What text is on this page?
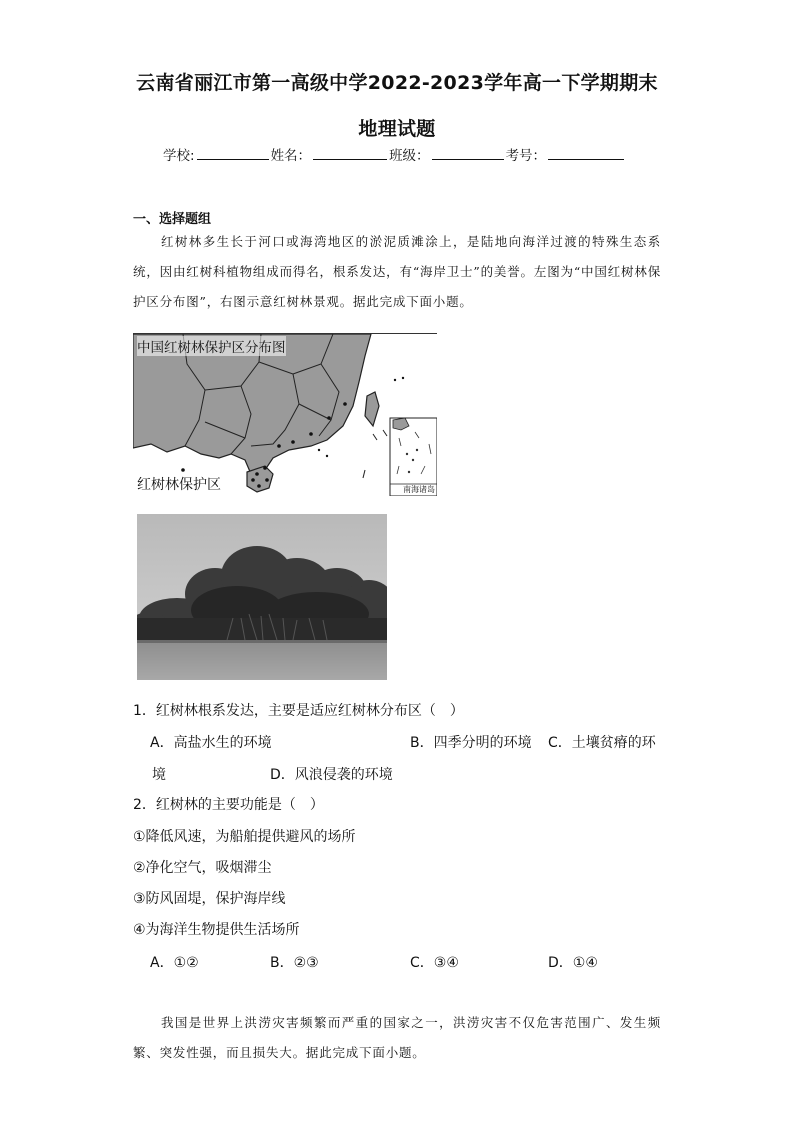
云南省丽江市第一高级中学2022-2023学年高一下学期期末
地理试题
学校:	姓名：	班级：	考号：
一、选择题组
红树林多生长于河口或海湾地区的淤泥质滩涂上，是陆地向海洋过渡的特殊生态系统，因由红树科植物组成而得名，根系发达，有“海岸卫士”的美誉。左图为“中国红树林保护区分布图”，右图示意红树林景观。据此完成下面小题。
中国红树林保护区分布图
红树林保护区	南海诸岛
1．红树林根系发达，主要是适应红树林分布区（　）
A．高盐水生的环境	B．四季分明的环境 C．土壤贫瘠的环
境	D．风浪侵袭的环境
2．红树林的主要功能是（　）
①降低风速，为船舶提供避风的场所
②净化空气，吸烟滞尘
③防风固堤，保护海岸线
④为海洋生物提供生活场所
A．①②	B．②③	C．③④	D．①④
我国是世界上洪涝灾害频繁而严重的国家之一，洪涝灾害不仅危害范围广、发生频繁、突发性强，而且损失大。据此完成下面小题。
